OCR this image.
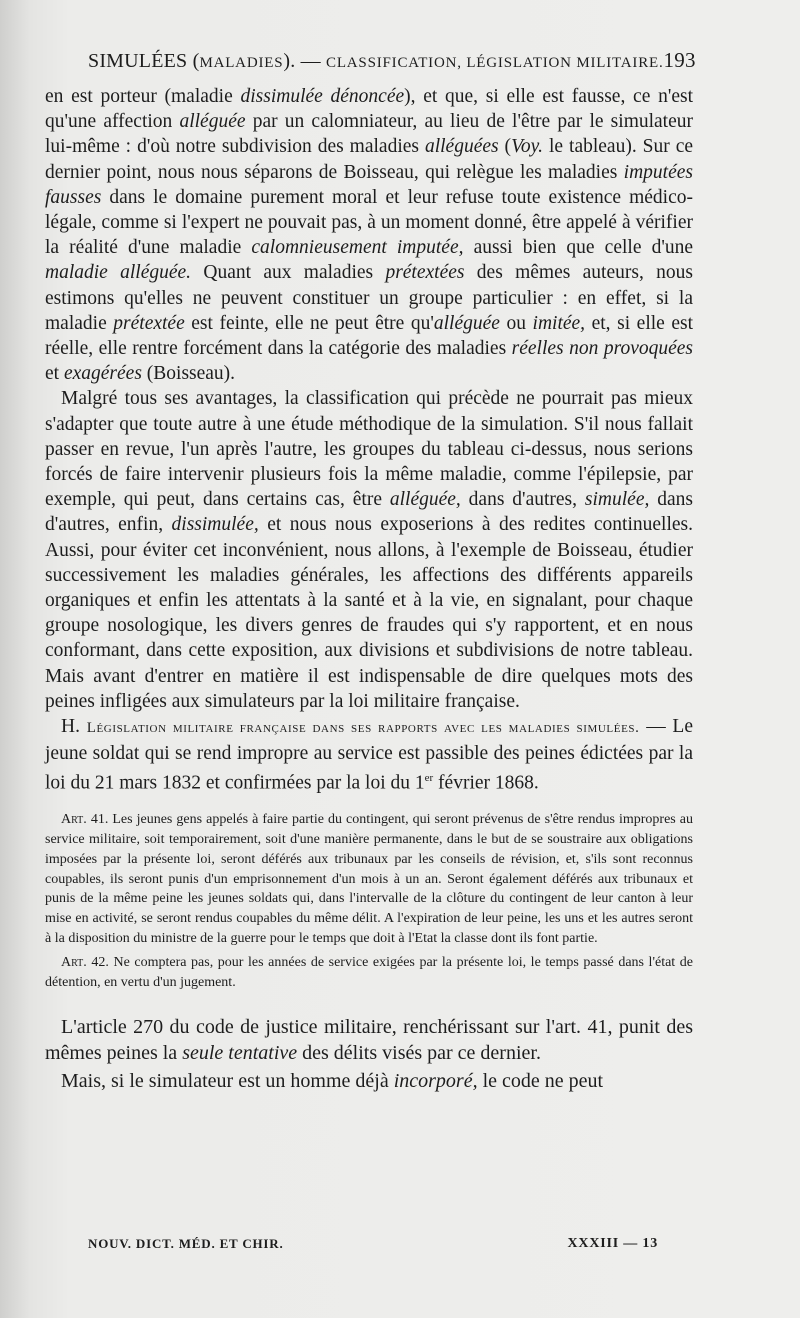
SIMULÉES (MALADIES). — CLASSIFICATION, LÉGISLATION MILITAIRE. 193

en est porteur (maladie dissimulée dénoncée), et que, si elle est fausse, ce n'est qu'une affection alléguée par un calomniateur, au lieu de l'être par le simulateur lui-même : d'où notre subdivision des maladies alléguées (Voy. le tableau). Sur ce dernier point, nous nous séparons de Boisseau, qui relègue les maladies imputées fausses dans le domaine purement moral et leur refuse toute existence médico-légale, comme si l'expert ne pouvait pas, à un moment donné, être appelé à vérifier la réalité d'une maladie calomnieusement imputée, aussi bien que celle d'une maladie alléguée. Quant aux maladies prétextées des mêmes auteurs, nous estimons qu'elles ne peuvent constituer un groupe particulier : en effet, si la maladie prétextée est feinte, elle ne peut être qu'alléguée ou imitée, et, si elle est réelle, elle rentre forcément dans la catégorie des maladies réelles non provoquées et exagérées (Boisseau).

Malgré tous ses avantages, la classification qui précède ne pourrait pas mieux s'adapter que toute autre à une étude méthodique de la simulation. S'il nous fallait passer en revue, l'un après l'autre, les groupes du tableau ci-dessus, nous serions forcés de faire intervenir plusieurs fois la même maladie, comme l'épilepsie, par exemple, qui peut, dans certains cas, être alléguée, dans d'autres, simulée, dans d'autres, enfin, dissimulée, et nous nous exposerions à des redites continuelles. Aussi, pour éviter cet inconvénient, nous allons, à l'exemple de Boisseau, étudier successivement les maladies générales, les affections des différents appareils organiques et enfin les attentats à la santé et à la vie, en signalant, pour chaque groupe nosologique, les divers genres de fraudes qui s'y rapportent, et en nous conformant, dans cette exposition, aux divisions et subdivisions de notre tableau. Mais avant d'entrer en matière il est indispensable de dire quelques mots des peines infligées aux simulateurs par la loi militaire française.

H. Législation militaire française dans ses rapports avec les maladies simulées. — Le jeune soldat qui se rend impropre au service est passible des peines édictées par la loi du 21 mars 1832 et confirmées par la loi du 1er février 1868.

Art. 41. Les jeunes gens appelés à faire partie du contingent, qui seront prévenus de s'être rendus impropres au service militaire, soit temporairement, soit d'une manière permanente, dans le but de se soustraire aux obligations imposées par la présente loi, seront déférés aux tribunaux par les conseils de révision, et, s'ils sont reconnus coupables, ils seront punis d'un emprisonnement d'un mois à un an. Seront également déférés aux tribunaux et punis de la même peine les jeunes soldats qui, dans l'intervalle de la clôture du contingent de leur canton à leur mise en activité, se seront rendus coupables du même délit. A l'expiration de leur peine, les uns et les autres seront à la disposition du ministre de la guerre pour le temps que doit à l'Etat la classe dont ils font partie.

Art. 42. Ne comptera pas, pour les années de service exigées par la présente loi, le temps passé dans l'état de détention, en vertu d'un jugement.

L'article 270 du code de justice militaire, renchérissant sur l'art. 41, punit des mêmes peines la seule tentative des délits visés par ce dernier.

Mais, si le simulateur est un homme déjà incorporé, le code ne peut

NOUV. DICT. MÉD. ET CHIR.	XXXIII — 13
